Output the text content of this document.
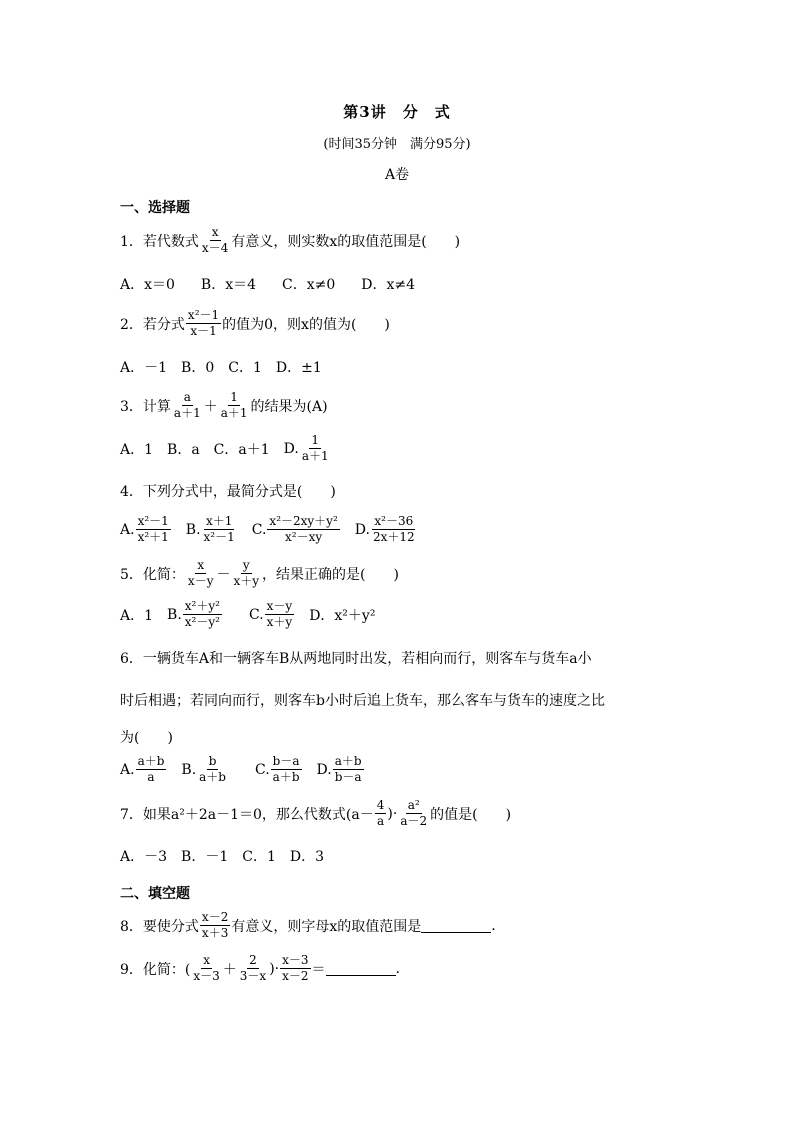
第3讲　分　式
(时间35分钟　满分95分)
A卷
一、选择题
1．若代数式 $\frac{x}{x-4}$ 有意义，则实数x的取值范围是(　　)
A．x＝0 B．x＝4 C．x≠0 D．x≠4
2．若分式 $\frac{\text{x²－1}}{x-1}$ 的值为0，则x的值为(　　)
A．－1 B．0 C．1 D．±1
3．计算 $\frac{a}{a+1} + \frac{1}{a+1}$ 的结果为(A)
A．1 B．a C．a＋1 D. $\frac{1}{a+1}$
4．下列分式中，最简分式是(　　)
A. $\frac{\text{x²－1}}{\text{x²＋1}} B$. $\frac{x+1}{\text{x²－1}} C$. $\frac{\text{x²－2xy＋y²}}{\text{x²－xy}} D$. $\frac{\text{x²－36}}{2x+12}$
5．化简： $\frac{x}{x-y} - \frac{y}{x+y}$ ，结果正确的是(　　)
A．1 B. $\frac{\text{x²＋y²}}{\text{x²－y²}} C$. $\frac{x-y}{x+y}$ D．x²＋y²
6．一辆货车A和一辆客车B从两地同时出发，若相向而行，则客车与货车a小
时后相遇；若同向而行，则客车b小时后追上货车，那么客车与货车的速度之比
为(　　)
A. $\frac{a+b}{a} B$. $\frac{b}{a+b} C$. $\frac{b-a}{a+b} D$. $\frac{a+b}{b-a}$
7．如果a²＋2a－1＝0，那么代数式($a- \frac{4}{a}$ )· $\frac{\text{a²}}{a-2}$ 的值是(　　)
A．－3 B．－1 C．1 D．3
二、填空题
8．要使分式 $\frac{x-2}{x+3}$ 有意义，则字母x的取值范围是	.
9．化简：( $\frac{x}{x-3} + \frac{2}{3-x}$ )· $\frac{x-3}{x-2}$ ＝	.
